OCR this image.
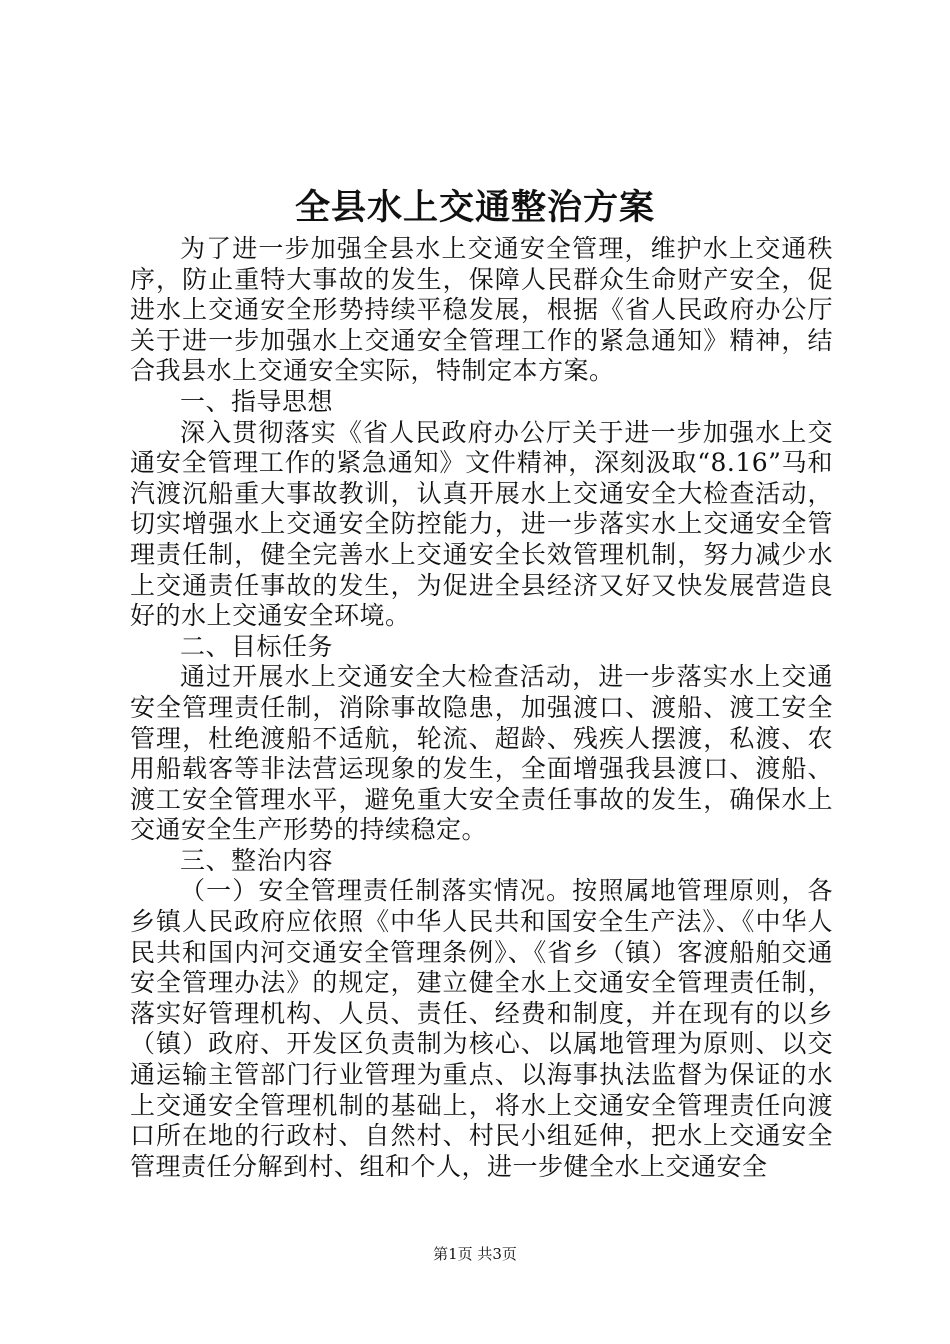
全县水上交通整治方案

为了进一步加强全县水上交通安全管理，维护水上交通秩序，防止重特大事故的发生，保障人民群众生命财产安全，促进水上交通安全形势持续平稳发展，根据《省人民政府办公厅关于进一步加强水上交通安全管理工作的紧急通知》精神，结合我县水上交通安全实际，特制定本方案。

一、指导思想

深入贯彻落实《省人民政府办公厅关于进一步加强水上交通安全管理工作的紧急通知》文件精神，深刻汲取“8.16”马和汽渡沉船重大事故教训，认真开展水上交通安全大检查活动，切实增强水上交通安全防控能力，进一步落实水上交通安全管理责任制，健全完善水上交通安全长效管理机制，努力减少水上交通责任事故的发生，为促进全县经济又好又快发展营造良好的水上交通安全环境。

二、目标任务

通过开展水上交通安全大检查活动，进一步落实水上交通安全管理责任制，消除事故隐患，加强渡口、渡船、渡工安全管理，杜绝渡船不适航，轮流、超龄、残疾人摆渡，私渡、农用船载客等非法营运现象的发生，全面增强我县渡口、渡船、渡工安全管理水平，避免重大安全责任事故的发生，确保水上交通安全生产形势的持续稳定。

三、整治内容

（一）安全管理责任制落实情况。按照属地管理原则，各乡镇人民政府应依照《中华人民共和国安全生产法》、《中华人民共和国内河交通安全管理条例》、《省乡（镇）客渡船舶交通安全管理办法》的规定，建立健全水上交通安全管理责任制，落实好管理机构、人员、责任、经费和制度，并在现有的以乡（镇）政府、开发区负责制为核心、以属地管理为原则、以交通运输主管部门行业管理为重点、以海事执法监督为保证的水上交通安全管理机制的基础上，将水上交通安全管理责任向渡口所在地的行政村、自然村、村民小组延伸，把水上交通安全管理责任分解到村、组和个人，进一步健全水上交通安全

第1页 共3页
